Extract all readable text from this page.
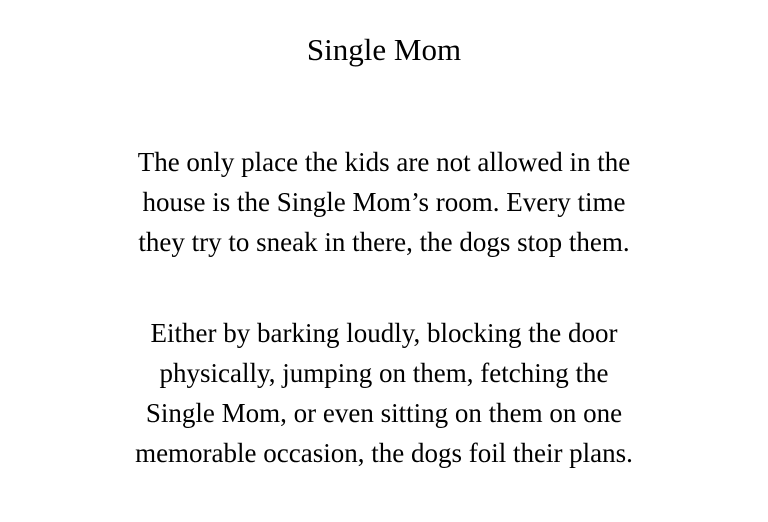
Single Mom

The only place the kids are not allowed in the
house is the Single Mom’s room. Every time
they try to sneak in there, the dogs stop them.

Either by barking loudly, blocking the door
physically, jumping on them, fetching the
Single Mom, or even sitting on them on one
memorable occasion, the dogs foil their plans.
